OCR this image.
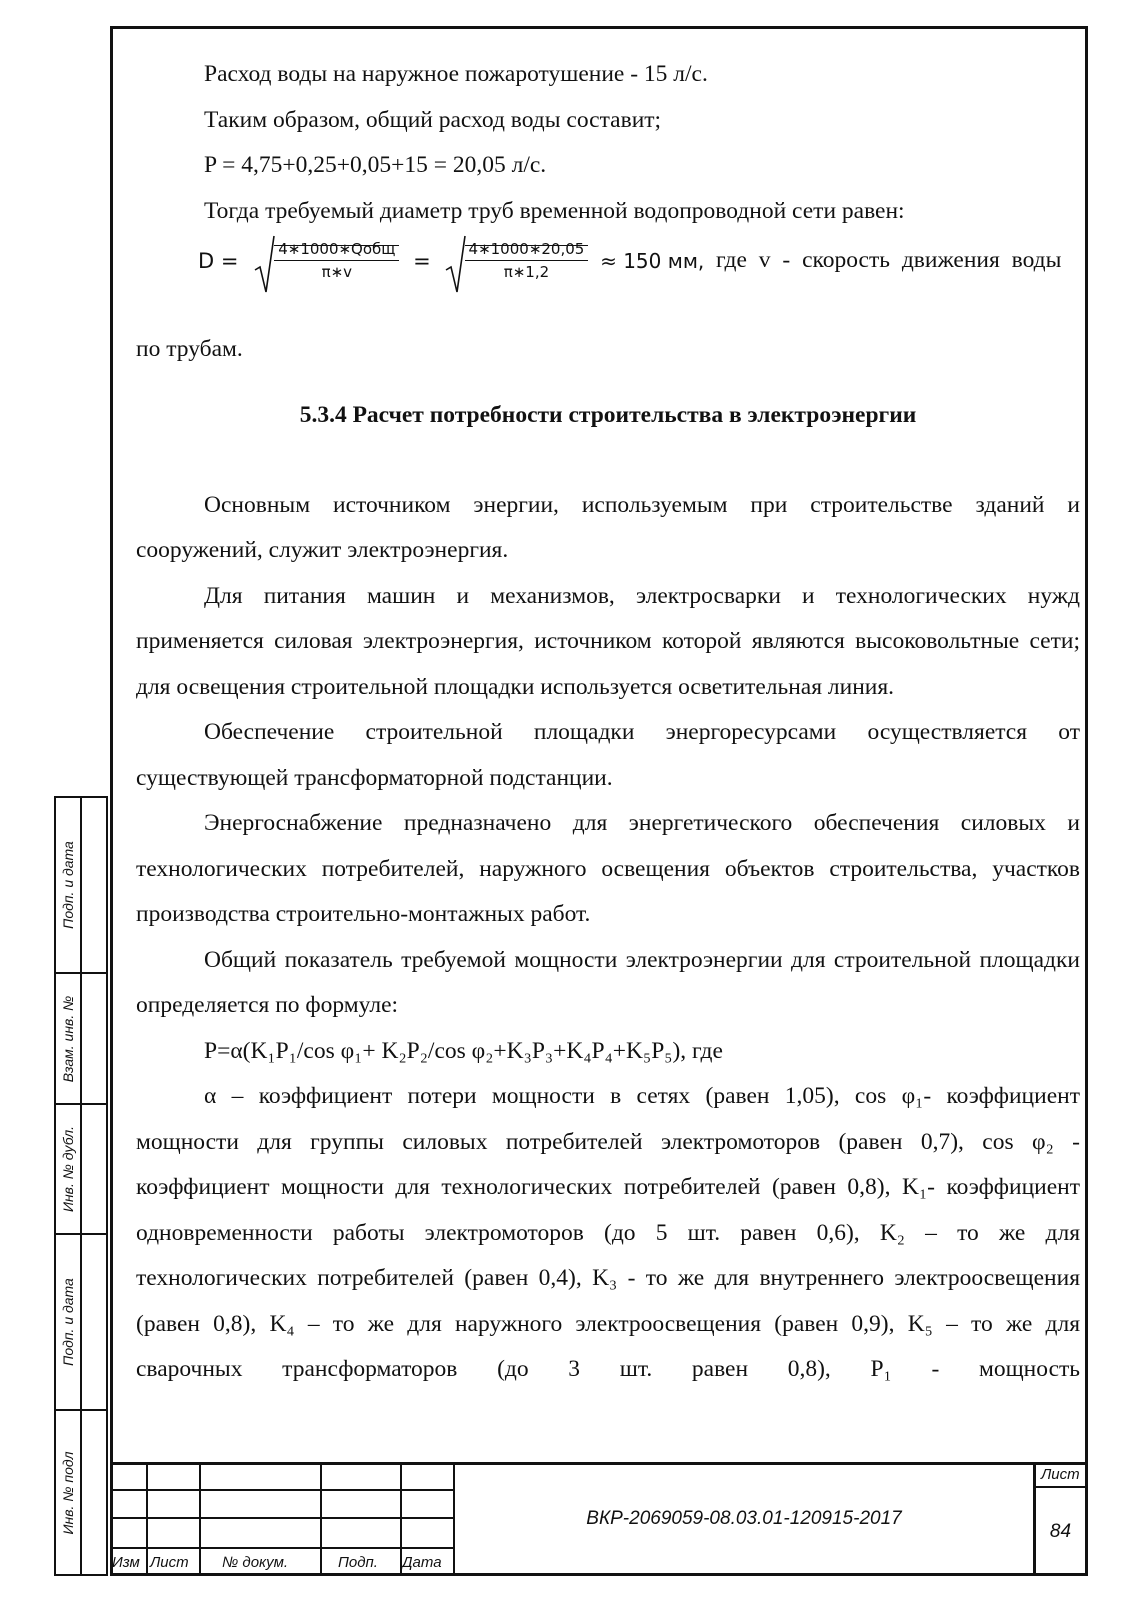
Расход воды на наружное пожаротушение - 15 л/с.

Таким образом, общий расход воды составит;

P = 4,75+0,25+0,05+15 = 20,05 л/с.

Тогда требуемый диаметр труб временной водопроводной сети равен:

по трубам.

5.3.4 Расчет потребности строительства в электроэнергии

Основным источником энергии, используемым при строительстве зданий и сооружений, служит электроэнергия.

Для питания машин и механизмов, электросварки и технологических нужд применяется силовая электроэнергия, источником которой являются высоковольтные сети; для освещения строительной площадки используется осветительная линия.

Обеспечение строительной площадки энергоресурсами осуществляется от существующей трансформаторной подстанции.

Энергоснабжение предназначено для энергетического обеспечения силовых и технологических потребителей, наружного освещения объектов строительства, участков производства строительно-монтажных работ.

Общий показатель требуемой мощности электроэнергии для строительной площадки определяется по формуле:

P=α(K₁P₁/cos φ₁+ K₂P₂/cos φ₂+K₃P₃+K₄P₄+K₅P₅), где

α – коэффициент потери мощности в сетях (равен 1,05), cos φ₁- коэффициент мощности для группы силовых потребителей электромоторов (равен 0,7), cos φ₂ - коэффициент мощности для технологических потребителей (равен 0,8), K₁- коэффициент одновременности работы электромоторов (до 5 шт. равен 0,6), K₂ – то же для технологических потребителей (равен 0,4), K₃ - то же для внутреннего электроосвещения (равен 0,8), K₄ – то же для наружного электроосвещения (равен 0,9), K₅ – то же для сварочных трансформаторов (до 3 шт. равен 0,8), P₁ - мощность

$D = \frac{\text{4∗1000∗Qобщ}}{\pi∗v} = \frac{4∗1000∗20,05}{\pi∗1,2} \approx 150$ мм, где v - скорость движения воды
Подп. и дата
Взам. инв. №
Инв. № дубл.
Подп. и дата
Инв. № подл
Изм Лист № докум.	Подп. Дата
ВКР-2069059-08.03.01-120915-2017
Лист
84
